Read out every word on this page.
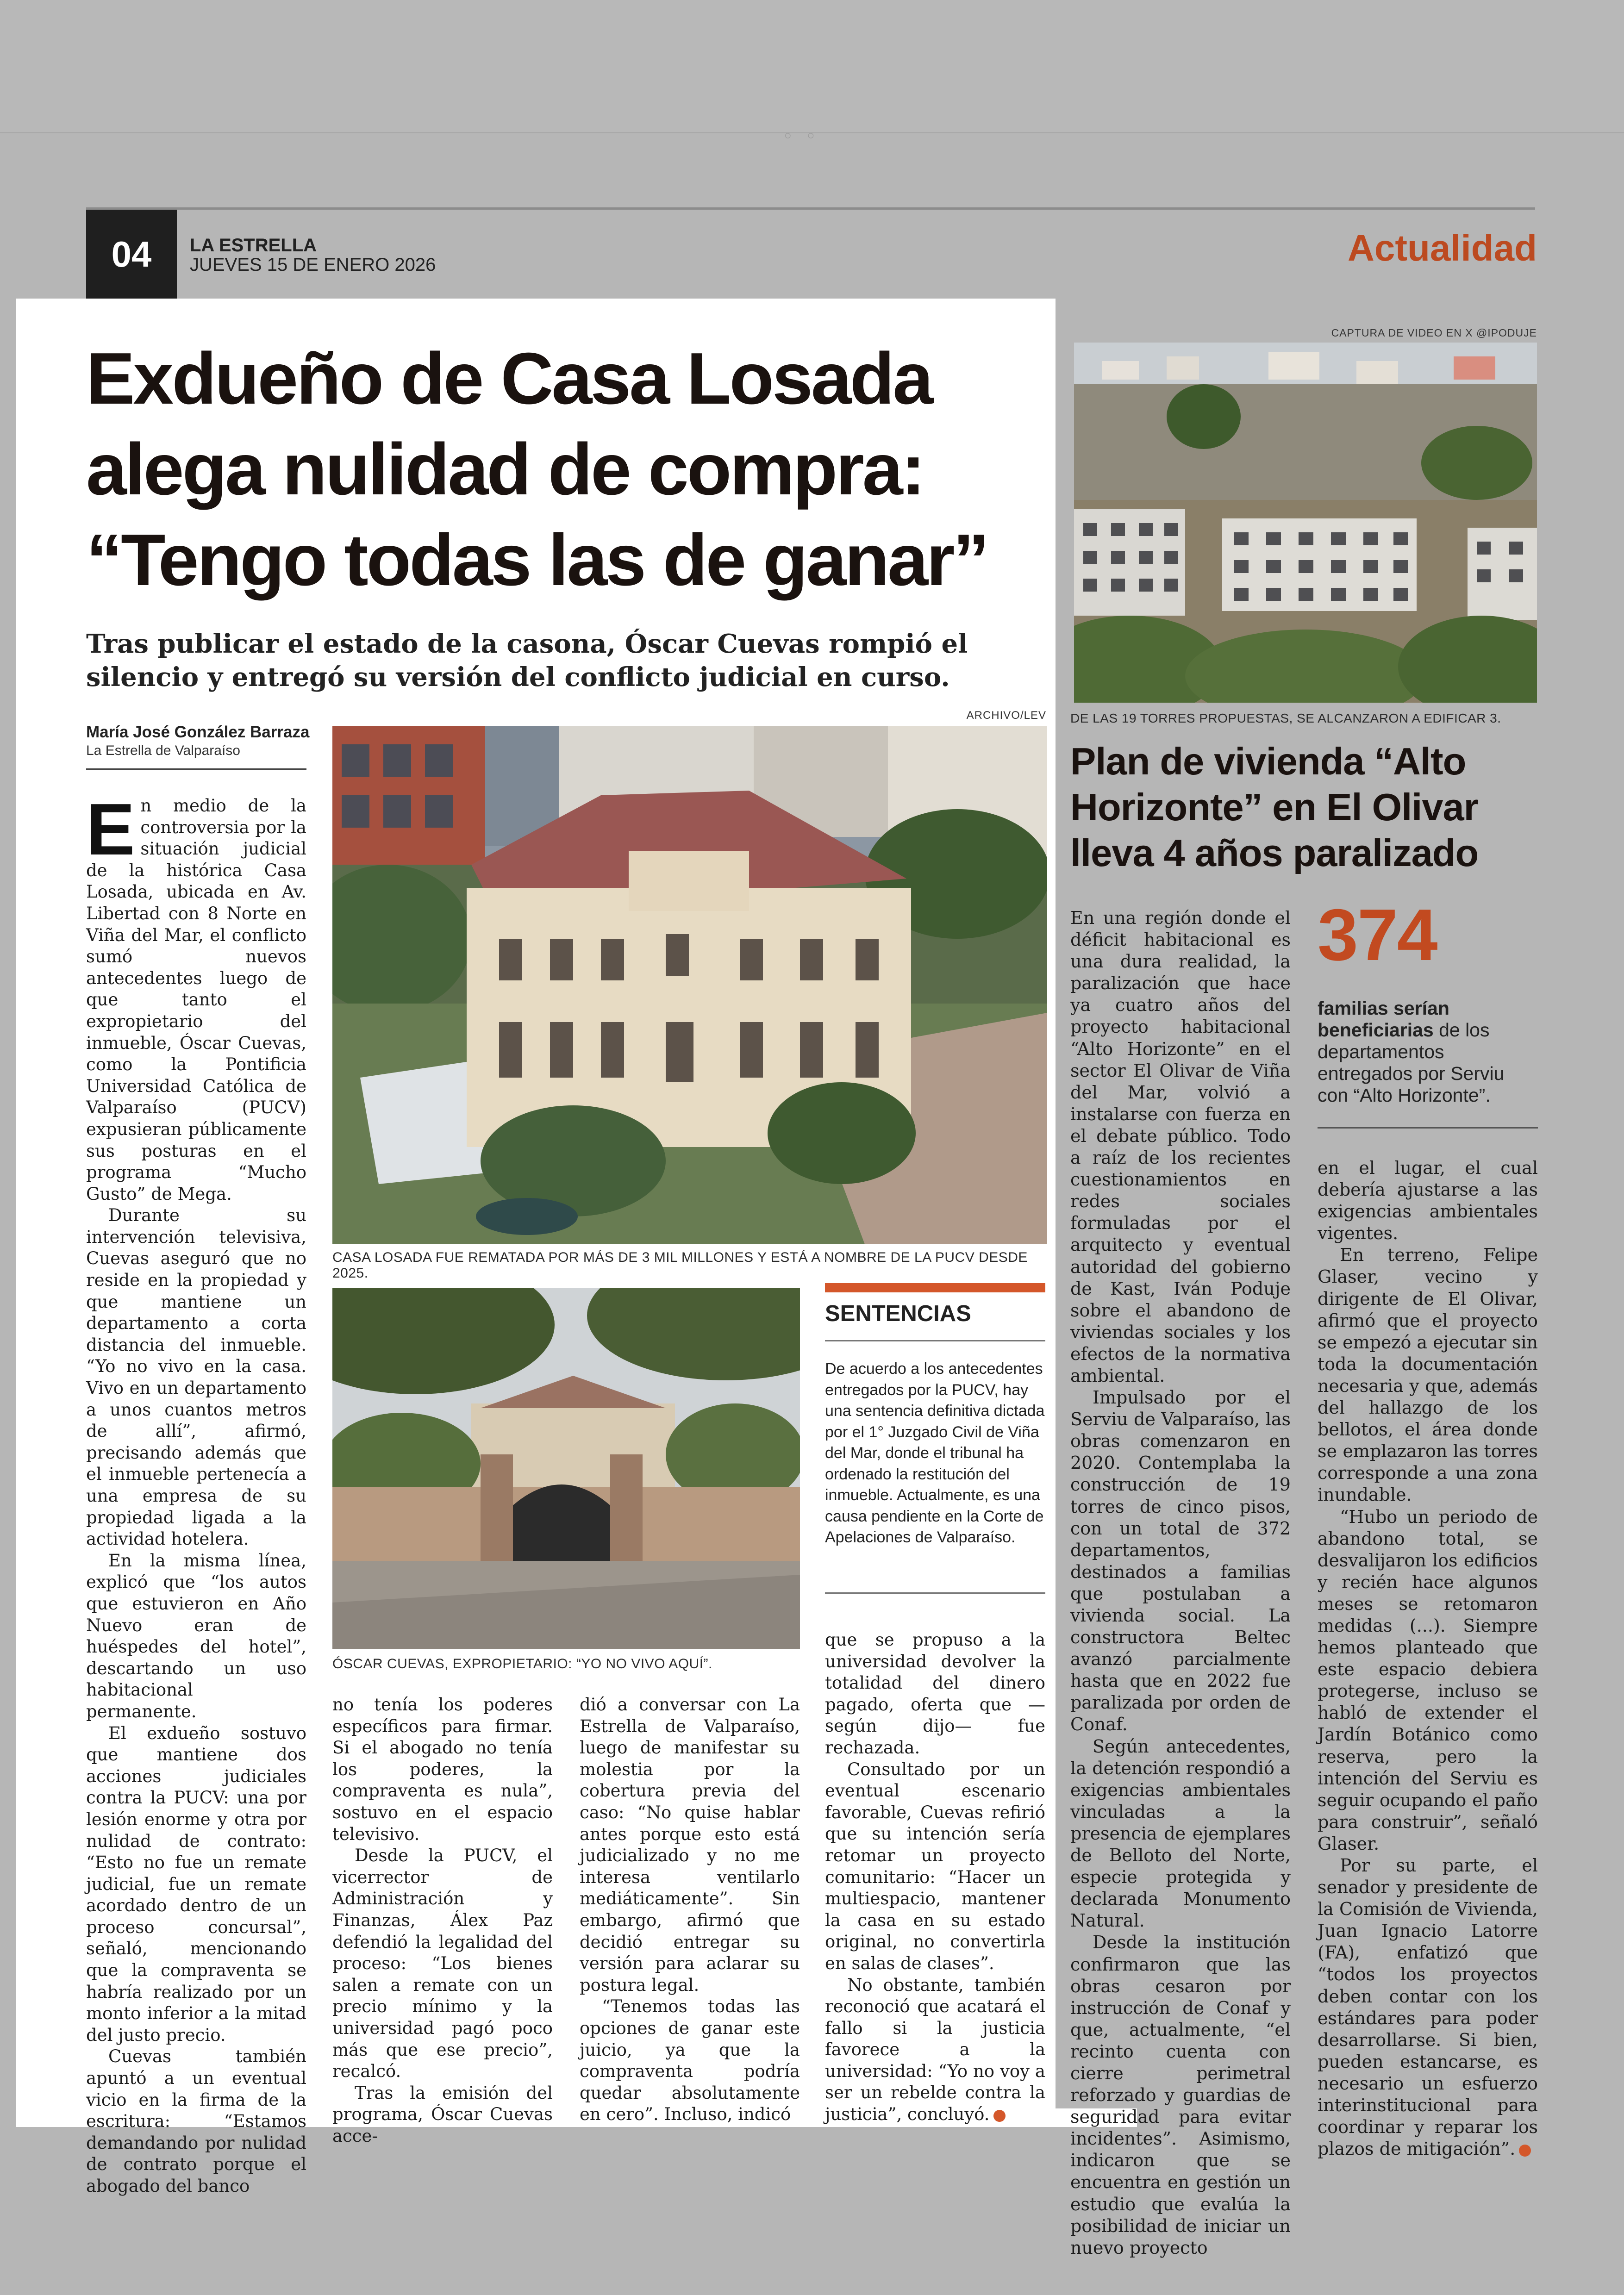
◦◦
04	LA ESTRELLA
JUEVES 15 DE ENERO 2026	Actualidad
Exdueño de Casa Losada
alega nulidad de compra:
“Tengo todas las de ganar”
Tras publicar el estado de la casona, Óscar Cuevas rompió el silencio y entregó su versión del conflicto judicial en curso.
María José González Barraza
La Estrella de Valparaíso
ARCHIVO/LEV
CASA LOSADA FUE REMATADA POR MÁS DE 3 MIL MILLONES Y ESTÁ A NOMBRE DE LA PUCV DESDE 2025.
ÓSCAR CUEVAS, EXPROPIETARIO: “YO NO VIVO AQUÍ”.
SENTENCIAS
De acuerdo a los antecedentes entregados por la PUCV, hay una sentencia definitiva dictada por el 1° Juzgado Civil de Viña del Mar, donde el tribunal ha ordenado la restitución del inmueble. Actualmente, es una causa pendiente en la Corte de Apelaciones de Valparaíso.

En medio de la controversia por la situación judicial de la histórica Casa Losada, ubicada en Av. Libertad con 8 Norte en Viña del Mar, el conflicto sumó nuevos antecedentes luego de que tanto el expropietario del inmueble, Óscar Cuevas, como la Pontificia Universidad Católica de Valparaíso (PUCV) expusieran públicamente sus posturas en el programa “Mucho Gusto” de Mega.

Durante su intervención televisiva, Cuevas aseguró que no reside en la propiedad y que mantiene un departamento a corta distancia del inmueble. “Yo no vivo en la casa. Vivo en un departamento a unos cuantos metros de allí”, afirmó, precisando además que el inmueble pertenecía a una empresa de su propiedad ligada a la actividad hotelera.

En la misma línea, explicó que “los autos que estuvieron en Año Nuevo eran de huéspedes del hotel”, descartando un uso habitacional permanente.

El exdueño sostuvo que mantiene dos acciones judiciales contra la PUCV: una por lesión enorme y otra por nulidad de contrato: “Esto no fue un remate judicial, fue un remate acordado dentro de un proceso concursal”, señaló, mencionando que la compraventa se habría realizado por un monto inferior a la mitad del justo precio.

Cuevas también apuntó a un eventual vicio en la firma de la escritura: “Estamos demandando por nulidad de contrato porque el abogado del banco

no tenía los poderes específicos para firmar. Si el abogado no tenía los poderes, la compraventa es nula”, sostuvo en el espacio televisivo.

Desde la PUCV, el vicerrector de Administración y Finanzas, Álex Paz defendió la legalidad del proceso: “Los bienes salen a remate con un precio mínimo y la universidad pagó poco más que ese precio”, recalcó.

Tras la emisión del programa, Óscar Cuevas acce-

dió a conversar con La Estrella de Valparaíso, luego de manifestar su molestia por la cobertura previa del caso: “No quise hablar antes porque esto está judicializado y no me interesa ventilarlo mediáticamente”. Sin embargo, afirmó que decidió entregar su versión para aclarar su postura legal.

“Tenemos todas las opciones de ganar este juicio, ya que la compraventa podría quedar absolutamente en cero”. Incluso, indicó

que se propuso a la universidad devolver la totalidad del dinero pagado, oferta que —según dijo— fue rechazada.

Consultado por un eventual escenario favorable, Cuevas refirió que su intención sería retomar un proyecto comunitario: “Hacer un multiespacio, mantener la casa en su estado original, no convertirla en salas de clases”.

No obstante, también reconoció que acatará el fallo si la justicia favorece a la universidad: “Yo no voy a ser un rebelde contra la justicia”, concluyó.

CAPTURA DE VIDEO EN X @IPODUJE
DE LAS 19 TORRES PROPUESTAS, SE ALCANZARON A EDIFICAR 3.
Plan de vivienda “Alto
Horizonte” en El Olivar
lleva 4 años paralizado
374
familias serían beneficiarias de los departamentos entregados por Serviu con “Alto Horizonte”.

En una región donde el déficit habitacional es una dura realidad, la paralización que hace ya cuatro años del proyecto habitacional “Alto Horizonte” en el sector El Olivar de Viña del Mar, volvió a instalarse con fuerza en el debate público. Todo a raíz de los recientes cuestionamientos en redes sociales formuladas por el arquitecto y eventual autoridad del gobierno de Kast, Iván Poduje sobre el abandono de viviendas sociales y los efectos de la normativa ambiental.

Impulsado por el Serviu de Valparaíso, las obras comenzaron en 2020. Contemplaba la construcción de 19 torres de cinco pisos, con un total de 372 departamentos, destinados a familias que postulaban a vivienda social. La constructora Beltec avanzó parcialmente hasta que en 2022 fue paralizada por orden de Conaf.

Según antecedentes, la detención respondió a exigencias ambientales vinculadas a la presencia de ejemplares de Belloto del Norte, especie protegida y declarada Monumento Natural.

Desde la institución confirmaron que las obras cesaron por instrucción de Conaf y que, actualmente, “el recinto cuenta con cierre perimetral reforzado y guardias de seguridad para evitar incidentes”. Asimismo, indicaron que se encuentra en gestión un estudio que evalúa la posibilidad de iniciar un nuevo proyecto

en el lugar, el cual debería ajustarse a las exigencias ambientales vigentes.

En terreno, Felipe Glaser, vecino y dirigente de El Olivar, afirmó que el proyecto se empezó a ejecutar sin toda la documentación necesaria y que, además del hallazgo de los bellotos, el área donde se emplazaron las torres corresponde a una zona inundable.

“Hubo un periodo de abandono total, se desvalijaron los edificios y recién hace algunos meses se retomaron medidas (...). Siempre hemos planteado que este espacio debiera protegerse, incluso se habló de extender el Jardín Botánico como reserva, pero la intención del Serviu es seguir ocupando el paño para construir”, señaló Glaser.

Por su parte, el senador y presidente de la Comisión de Vivienda, Juan Ignacio Latorre (FA), enfatizó que “todos los proyectos deben contar con los estándares para poder desarrollarse. Si bien, pueden estancarse, es necesario un esfuerzo interinstitucional para coordinar y reparar los plazos de mitigación”.
